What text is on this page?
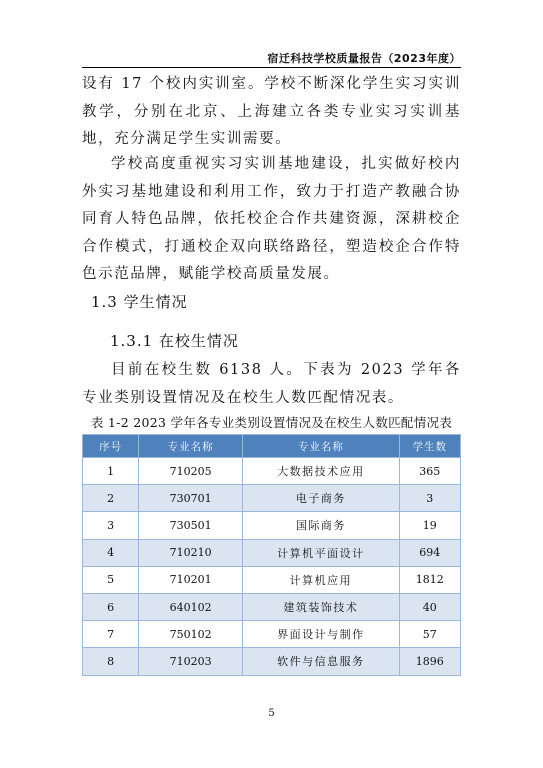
宿迁科技学校质量报告（2023年度）

设有 17 个校内实训室。学校不断深化学生实习实训教学，分别在北京、上海建立各类专业实习实训基地，充分满足学生实训需要。

学校高度重视实习实训基地建设，扎实做好校内外实习基地建设和利用工作，致力于打造产教融合协同育人特色品牌，依托校企合作共建资源，深耕校企合作模式，打通校企双向联络路径，塑造校企合作特色示范品牌，赋能学校高质量发展。

1.3 学生情况
1.3.1 在校生情况

目前在校生数 6138 人。下表为 2023 学年各专业类别设置情况及在校生人数匹配情况表。

表 1-2 2023 学年各专业类别设置情况及在校生人数匹配情况表
序号	专业名称	专业名称	学生数
1	710205	大数据技术应用	365
2	730701	电子商务	3
3	730501	国际商务	19
4	710210	计算机平面设计	694
5	710201	计算机应用	1812
6	640102	建筑装饰技术	40
7	750102	界面设计与制作	57
8	710203	软件与信息服务	1896
5
